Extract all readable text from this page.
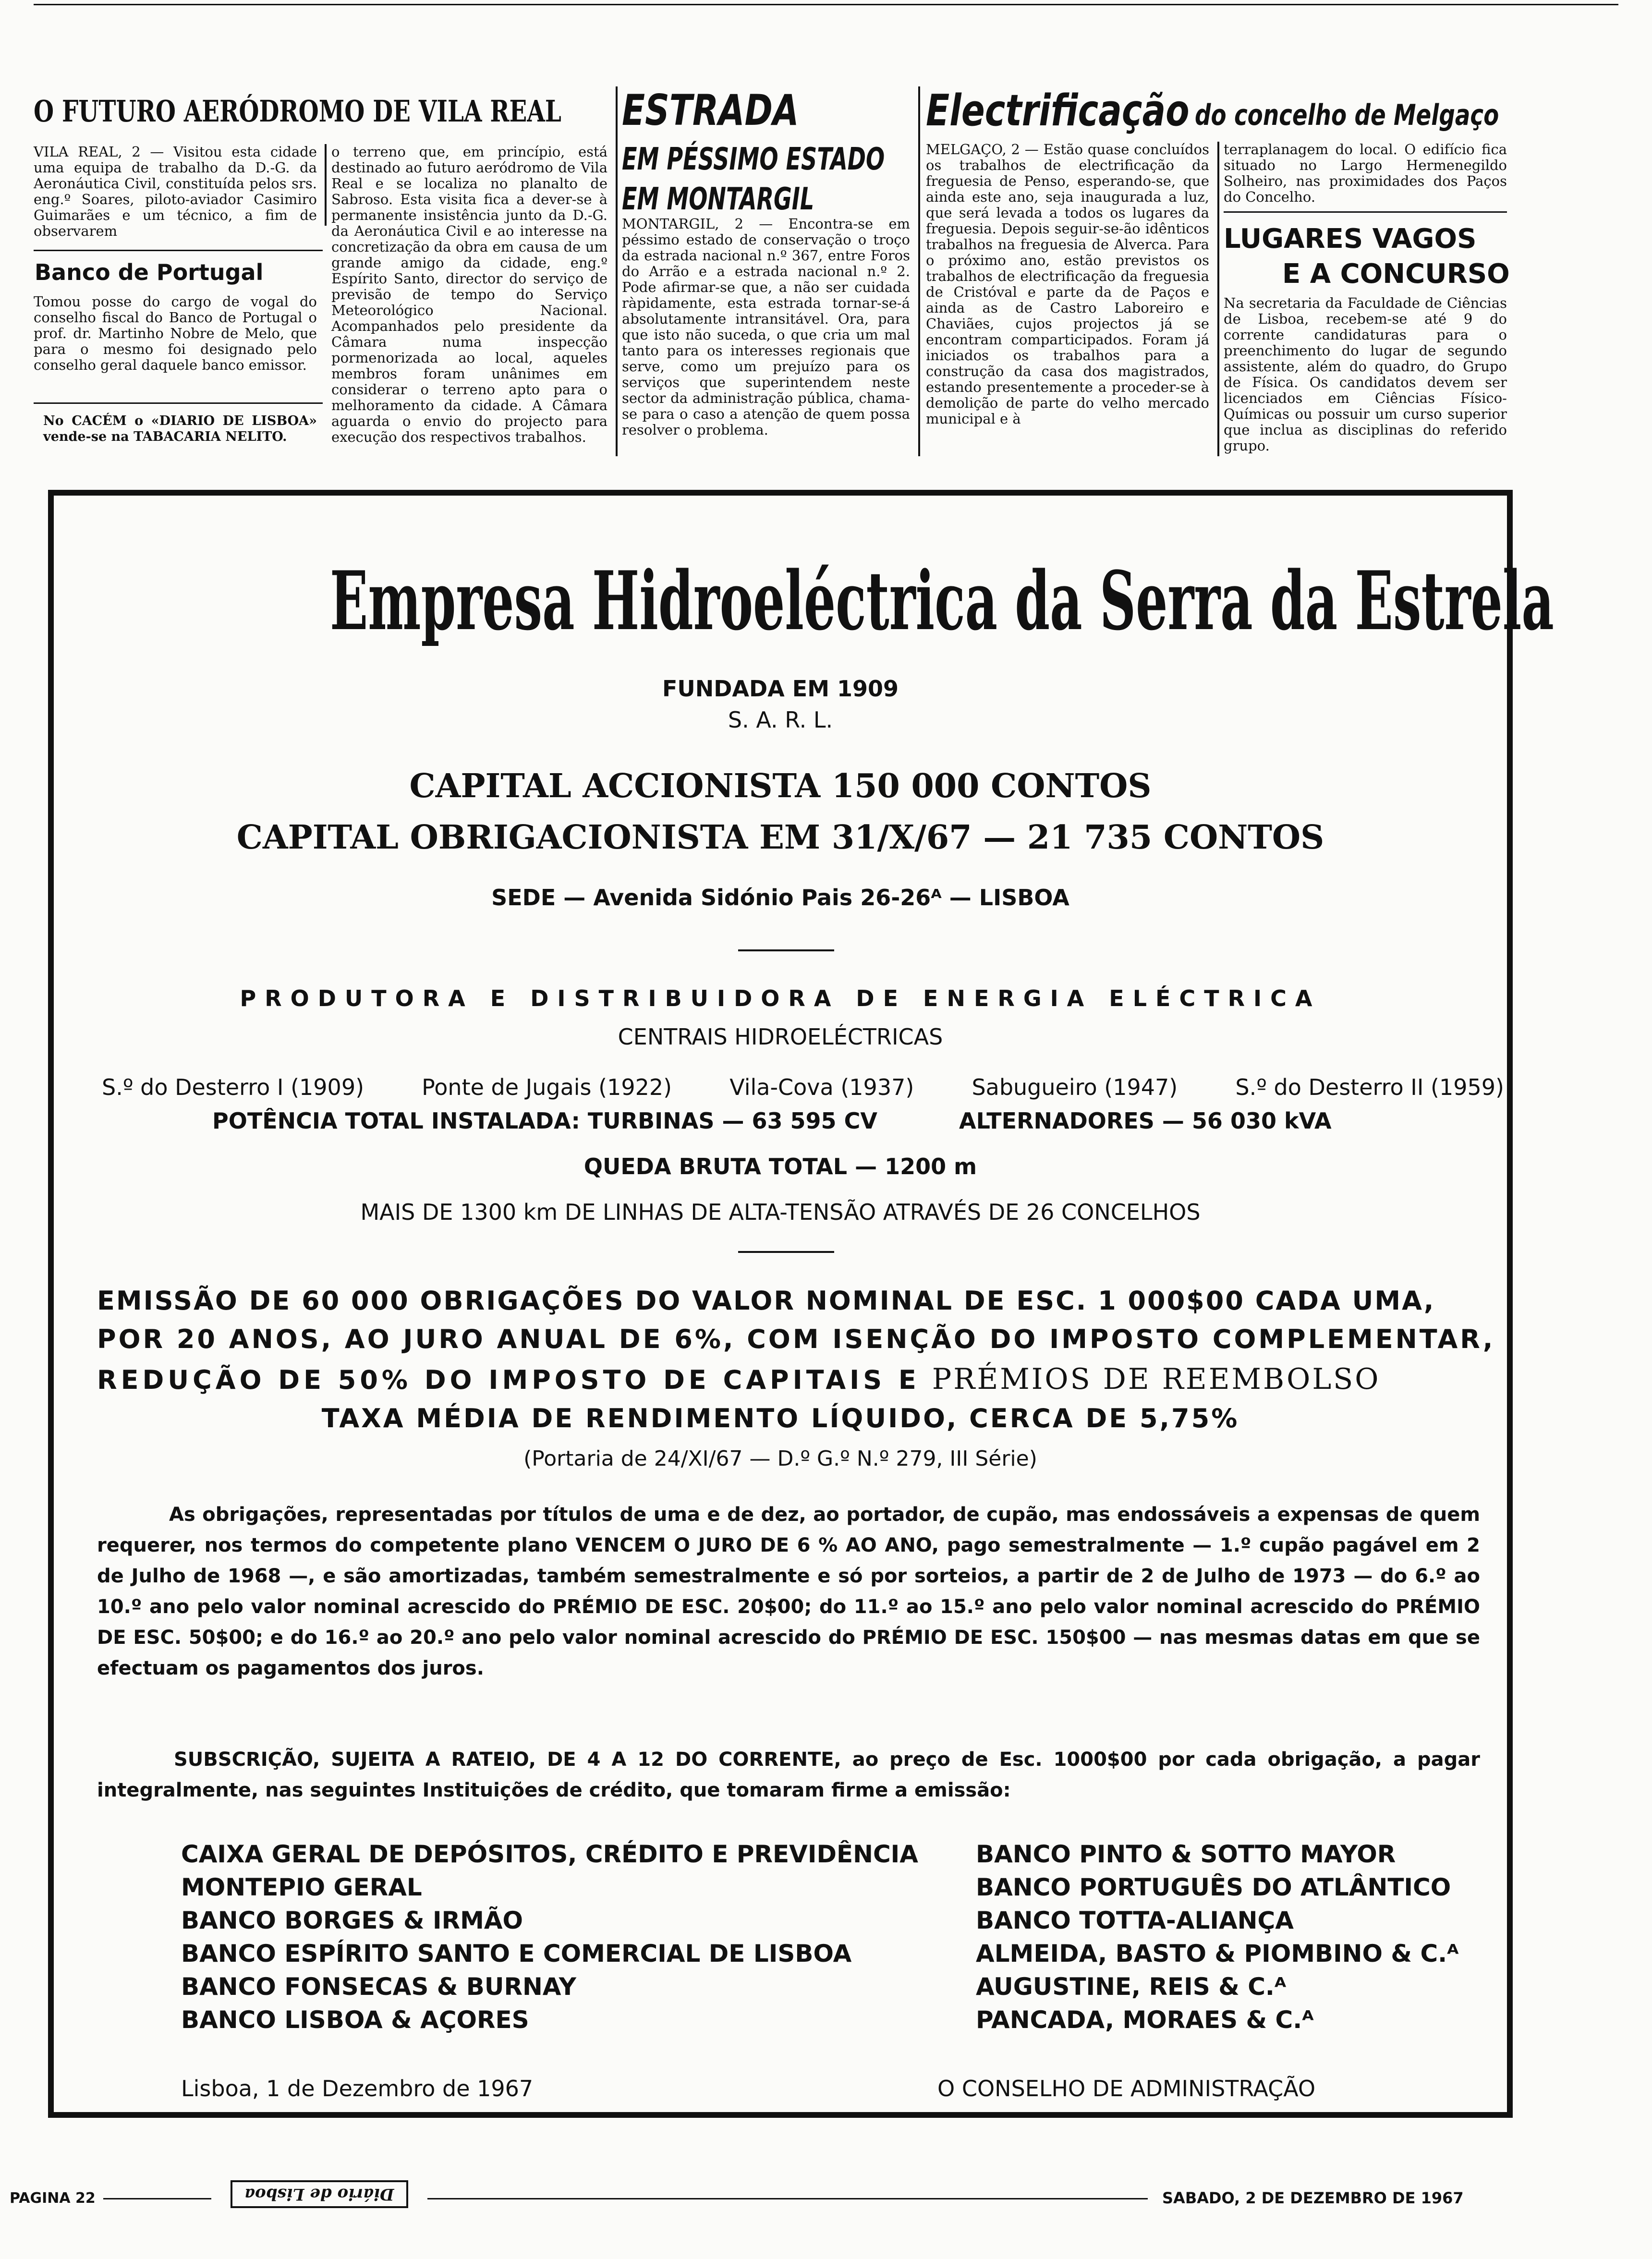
O FUTURO AERÓDROMO DE VILA REAL

VILA REAL, 2 — Visitou esta cidade uma equipa de trabalho da D.-G. da Aeronáutica Civil, constituída pelos srs. eng.º Soares, piloto-aviador Casimiro Guimarães e um técnico, a fim de observarem

Banco de Portugal

Tomou posse do cargo de vogal do conselho fiscal do Banco de Portugal o prof. dr. Martinho Nobre de Melo, que para o mesmo foi designado pelo conselho geral daquele banco emissor.

No CACÉM o «DIARIO DE LISBOA» vende-se na TABACARIA NELITO.

o terreno que, em princípio, está destinado ao futuro aeródromo de Vila Real e se localiza no planalto de Sabroso. Esta visita fica a dever-se à permanente insistência junto da D.-G. da Aeronáutica Civil e ao interesse na concretização da obra em causa de um grande amigo da cidade, eng.º Espírito Santo, director do serviço de previsão de tempo do Serviço Meteorológico Nacional. Acompanhados pelo presidente da Câmara numa inspecção pormenorizada ao local, aqueles membros foram unânimes em considerar o terreno apto para o melhoramento da cidade. A Câmara aguarda o envio do projecto para execução dos respectivos trabalhos.

ESTRADA
EM PÉSSIMO ESTADO
EM MONTARGIL

MONTARGIL, 2 — Encontra-se em péssimo estado de conservação o troço da estrada nacional n.º 367, entre Foros do Arrão e a estrada nacional n.º 2. Pode afirmar-se que, a não ser cuidada ràpidamente, esta estrada tornar-se-á absolutamente intransitável. Ora, para que isto não suceda, o que cria um mal tanto para os interesses regionais que serve, como um prejuízo para os serviços que superintendem neste sector da administração pública, chama-se para o caso a atenção de quem possa resolver o problema.

Electrificação do concelho de Melgaço

MELGAÇO, 2 — Estão quase concluídos os trabalhos de electrificação da freguesia de Penso, esperando-se, que ainda este ano, seja inaugurada a luz, que será levada a todos os lugares da freguesia. Depois seguir-se-ão idênticos trabalhos na freguesia de Alverca. Para o próximo ano, estão previstos os trabalhos de electrificação da freguesia de Cristóval e parte da de Paços e ainda as de Castro Laboreiro e Chaviães, cujos projectos já se encontram comparticipados. Foram já iniciados os trabalhos para a construção da casa dos magistrados, estando presentemente a proceder-se à demolição de parte do velho mercado municipal e à

terraplanagem do local. O edifício fica situado no Largo Hermenegildo Solheiro, nas proximidades dos Paços do Concelho.

LUGARES VAGOS
E A CONCURSO

Na secretaria da Faculdade de Ciências de Lisboa, recebem-se até 9 do corrente candidaturas para o preenchimento do lugar de segundo assistente, além do quadro, do Grupo de Física. Os candidatos devem ser licenciados em Ciências Físico-Químicas ou possuir um curso superior que inclua as disciplinas do referido grupo.

Empresa Hidroeléctrica da Serra da Estrela
FUNDADA EM 1909
S. A. R. L.
CAPITAL ACCIONISTA 150 000 CONTOS
CAPITAL OBRIGACIONISTA EM 31/X/67 — 21 735 CONTOS
SEDE — Avenida Sidónio Pais 26-26ᴬ — LISBOA
PRODUTORA E DISTRIBUIDORA DE ENERGIA ELÉCTRICA
CENTRAIS HIDROELÉCTRICAS
S.º do Desterro I (1909)	Ponte de Jugais (1922)	Vila-Cova (1937)	Sabugueiro (1947)	S.º do Desterro II (1959)
POTÊNCIA TOTAL INSTALADA: TURBINAS — 63 595 CV	ALTERNADORES — 56 030 kVA
QUEDA BRUTA TOTAL — 1200 m
MAIS DE 1300 km DE LINHAS DE ALTA-TENSÃO ATRAVÉS DE 26 CONCELHOS
EMISSÃO DE 60 000 OBRIGAÇÕES DO VALOR NOMINAL DE ESC. 1 000$00 CADA UMA,
POR 20 ANOS, AO JURO ANUAL DE 6%, COM ISENÇÃO DO IMPOSTO COMPLEMENTAR,
REDUÇÃO DE 50% DO IMPOSTO DE CAPITAIS E PRÉMIOS DE REEMBOLSO
TAXA MÉDIA DE RENDIMENTO LÍQUIDO, CERCA DE 5,75%
(Portaria de 24/XI/67 — D.º G.º N.º 279, III Série)

As obrigações, representadas por títulos de uma e de dez, ao portador, de cupão, mas endossáveis a expensas de quem requerer, nos termos do competente plano VENCEM O JURO DE 6 % AO ANO, pago semestralmente — 1.º cupão pagável em 2 de Julho de 1968 —, e são amortizadas, também semestralmente e só por sorteios, a partir de 2 de Julho de 1973 — do 6.º ao 10.º ano pelo valor nominal acrescido do PRÉMIO DE ESC. 20$00; do 11.º ao 15.º ano pelo valor nominal acrescido do PRÉMIO DE ESC. 50$00; e do 16.º ao 20.º ano pelo valor nominal acrescido do PRÉMIO DE ESC. 150$00 — nas mesmas datas em que se efectuam os pagamentos dos juros.

SUBSCRIÇÃO, SUJEITA A RATEIO, DE 4 A 12 DO CORRENTE, ao preço de Esc. 1000$00 por cada obrigação, a pagar integralmente, nas seguintes Instituições de crédito, que tomaram firme a emissão:

CAIXA GERAL DE DEPÓSITOS, CRÉDITO E PREVIDÊNCIA
MONTEPIO GERAL
BANCO BORGES & IRMÃO
BANCO ESPÍRITO SANTO E COMERCIAL DE LISBOA
BANCO FONSECAS & BURNAY
BANCO LISBOA & AÇORES
BANCO PINTO & SOTTO MAYOR
BANCO PORTUGUÊS DO ATLÂNTICO
BANCO TOTTA-ALIANÇA
ALMEIDA, BASTO & PIOMBINO & C.ᴬ
AUGUSTINE, REIS & C.ᴬ
PANCADA, MORAES & C.ᴬ
Lisboa, 1 de Dezembro de 1967	O CONSELHO DE ADMINISTRAÇÃO
PAGINA 22	Diário de Lisboa	SABADO, 2 DE DEZEMBRO DE 1967
